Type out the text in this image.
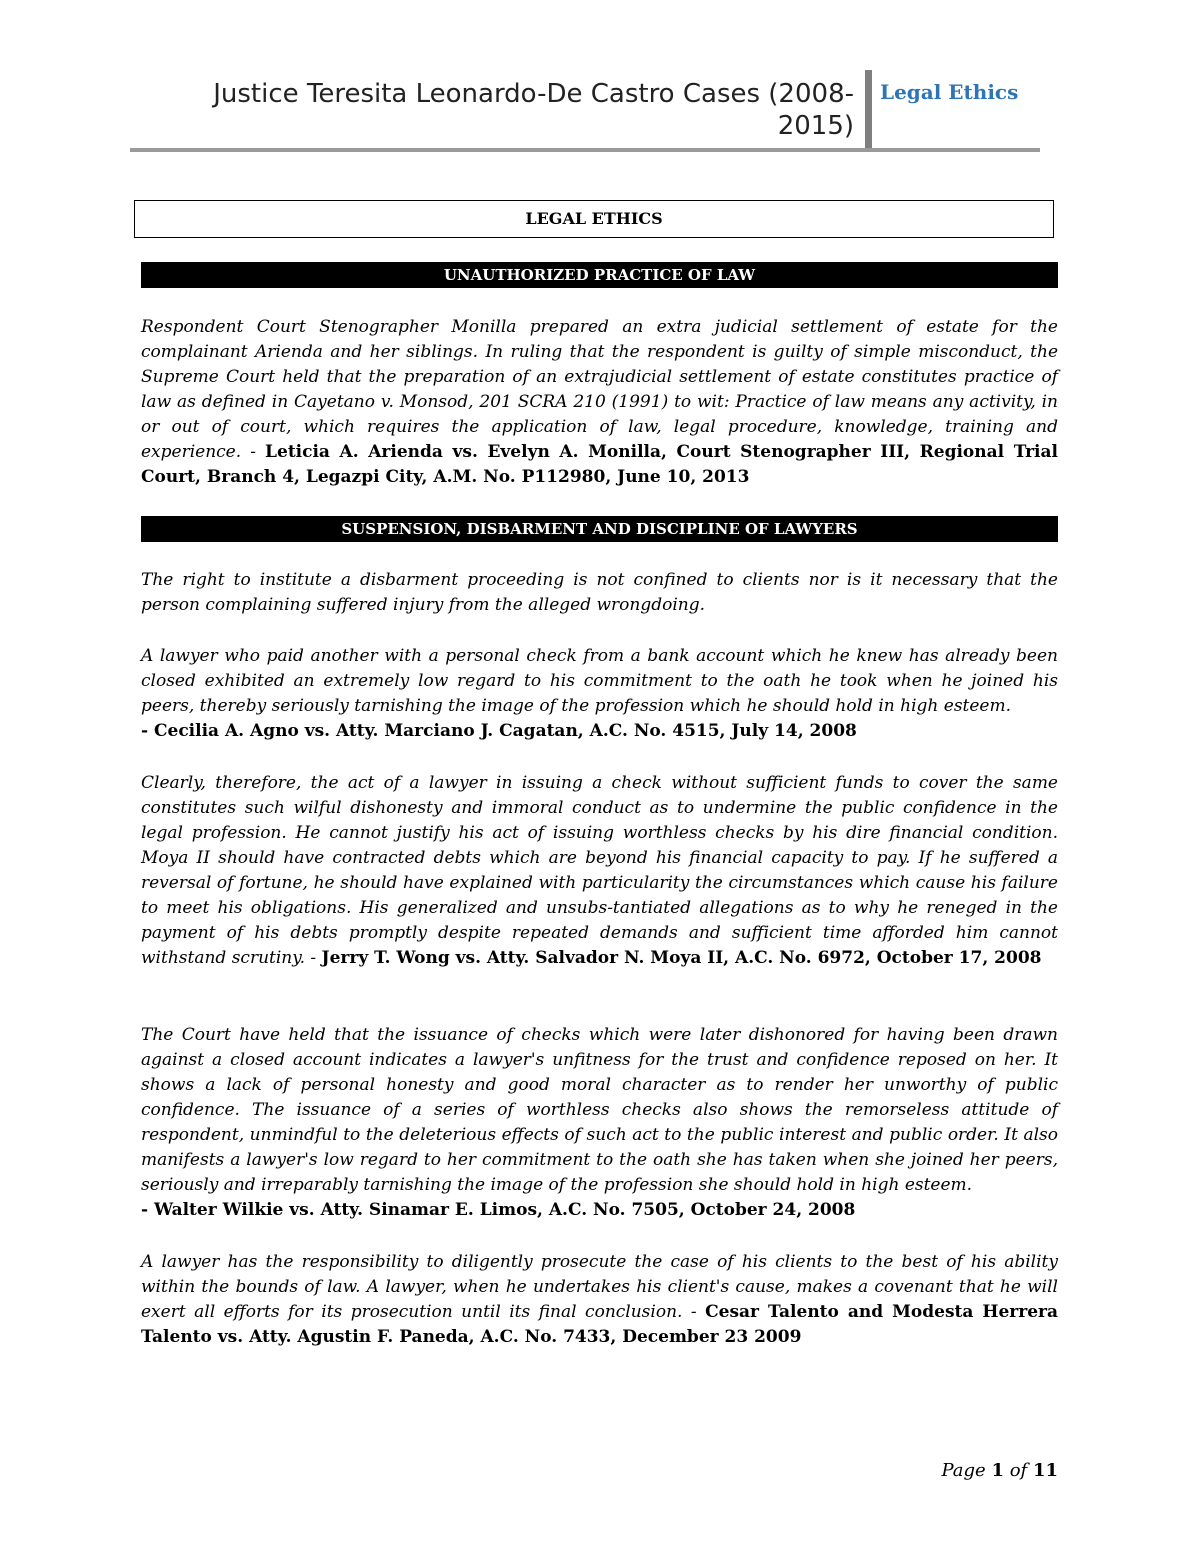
Justice Teresita Leonardo-De Castro Cases (2008-
2015)
Legal Ethics
LEGAL ETHICS
UNAUTHORIZED PRACTICE OF LAW
Respondent Court Stenographer Monilla prepared an extra judicial settlement of estate for the complainant Arienda and her siblings. In ruling that the respondent is guilty of simple misconduct, the Supreme Court held that the preparation of an extrajudicial settlement of estate constitutes practice of law as defined in Cayetano v. Monsod, 201 SCRA 210 (1991) to wit: Practice of law means any activity, in or out of court, which requires the application of law, legal procedure, knowledge, training and experience. - Leticia A. Arienda vs. Evelyn A. Monilla, Court Stenographer III, Regional Trial Court, Branch 4, Legazpi City, A.M. No. P112980, June 10, 2013
SUSPENSION, DISBARMENT AND DISCIPLINE OF LAWYERS
The right to institute a disbarment proceeding is not confined to clients nor is it necessary that the person complaining suffered injury from the alleged wrongdoing.
A lawyer who paid another with a personal check from a bank account which he knew has already been closed exhibited an extremely low regard to his commitment to the oath he took when he joined his peers, thereby seriously tarnishing the image of the profession which he should hold in high esteem.
- Cecilia A. Agno vs. Atty. Marciano J. Cagatan, A.C. No. 4515, July 14, 2008
Clearly, therefore, the act of a lawyer in issuing a check without sufficient funds to cover the same constitutes such wilful dishonesty and immoral conduct as to undermine the public confidence in the legal profession. He cannot justify his act of issuing worthless checks by his dire financial condition. Moya II should have contracted debts which are beyond his financial capacity to pay. If he suffered a reversal of fortune, he should have explained with particularity the circumstances which cause his failure to meet his obligations. His generalized and unsubs-tantiated allegations as to why he reneged in the payment of his debts promptly despite repeated demands and sufficient time afforded him cannot withstand scrutiny. - Jerry T. Wong vs. Atty. Salvador N. Moya II, A.C. No. 6972, October 17, 2008
The Court have held that the issuance of checks which were later dishonored for having been drawn against a closed account indicates a lawyer's unfitness for the trust and confidence reposed on her. It shows a lack of personal honesty and good moral character as to render her unworthy of public confidence. The issuance of a series of worthless checks also shows the remorseless attitude of respondent, unmindful to the deleterious effects of such act to the public interest and public order. It also manifests a lawyer's low regard to her commitment to the oath she has taken when she joined her peers, seriously and irreparably tarnishing the image of the profession she should hold in high esteem.
- Walter Wilkie vs. Atty. Sinamar E. Limos, A.C. No. 7505, October 24, 2008
A lawyer has the responsibility to diligently prosecute the case of his clients to the best of his ability within the bounds of law. A lawyer, when he undertakes his client's cause, makes a covenant that he will exert all efforts for its prosecution until its final conclusion. - Cesar Talento and Modesta Herrera Talento vs. Atty. Agustin F. Paneda, A.C. No. 7433, December 23 2009
Page 1 of 11
